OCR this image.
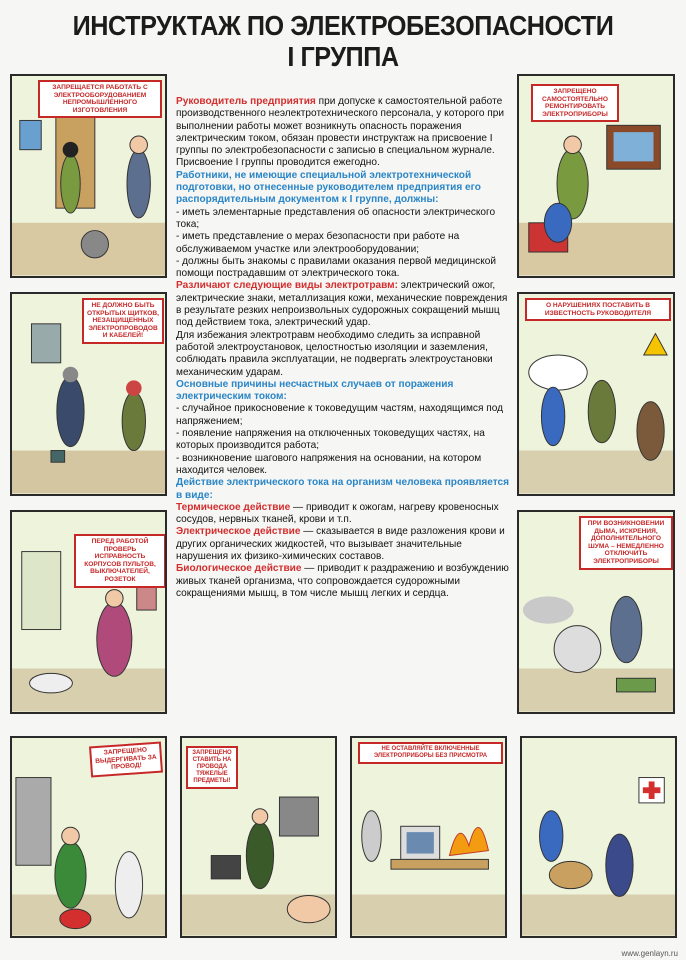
ИНСТРУКТАЖ ПО ЭЛЕКТРОБЕЗОПАСНОСТИ
I ГРУППА
ЗАПРЕЩАЕТСЯ РАБОТАТЬ С ЭЛЕКТРООБОРУДОВАНИЕМ НЕПРОМЫШЛЕННОГО ИЗГОТОВЛЕНИЯ
НЕ ДОЛЖНО БЫТЬ ОТКРЫТЫХ ЩИТКОВ, НЕЗАЩИЩЕННЫХ ЭЛЕКТРОПРОВОДОВ И КАБЕЛЕЙ!
ПЕРЕД РАБОТОЙ ПРОВЕРЬ ИСПРАВНОСТЬ КОРПУСОВ ПУЛЬТОВ, ВЫКЛЮЧАТЕЛЕЙ, РОЗЕТОК
ЗАПРЕЩЕНО САМОСТОЯТЕЛЬНО РЕМОНТИРОВАТЬ ЭЛЕКТРОПРИБОРЫ
О НАРУШЕНИЯХ ПОСТАВИТЬ В ИЗВЕСТНОСТЬ РУКОВОДИТЕЛЯ
ПРИ ВОЗНИКНОВЕНИИ ДЫМА, ИСКРЕНИЯ, ДОПОЛНИТЕЛЬНОГО ШУМА – НЕМЕДЛЕННО ОТКЛЮЧИТЬ ЭЛЕКТРОПРИБОРЫ
ЗАПРЕЩЕНО ВЫДЕРГИВАТЬ ЗА ПРОВОД!
ЗАПРЕЩЕНО СТАВИТЬ НА ПРОВОДА ТЯЖЕЛЫЕ ПРЕДМЕТЫ!
НЕ ОСТАВЛЯЙТЕ ВКЛЮЧЕННЫЕ ЭЛЕКТРОПРИБОРЫ БЕЗ ПРИСМОТРА

Руководитель предприятия при допуске к самостоятельной работе производственного неэлектротехнического персонала, у которого при выполнении работы может возникнуть опасность поражения электрическим током, обязан провести инструктаж на присвоение I группы по электробезопасности с записью в специальном журнале. Присвоение I группы проводится ежегодно.

Работники, не имеющие специальной электротехнической подготовки, но отнесенные руководителем предприятия его распорядительным документом к I группе, должны:

- иметь элементарные представления об опасности электрического тока;

- иметь представление о мерах безопасности при работе на обслуживаемом участке или электрооборудовании;

- должны быть знакомы с правилами оказания первой медицинской помощи пострадавшим от электрического тока.

Различают следующие виды электротравм: электрический ожог, электрические знаки, металлизация кожи, механические повреждения в результате резких непроизвольных судорожных сокращений мышц под действием тока, электрический удар.

Для избежания электротравм необходимо следить за исправной работой электроустановок, целостностью изоляции и заземления, соблюдать правила эксплуатации, не подвергать электроустановки механическим ударам.

Основные причины несчастных случаев от поражения электрическим током:

- случайное прикосновение к токоведущим частям, находящимся под напряжением;

- появление напряжения на отключенных токоведущих частях, на которых производится работа;

- возникновение шагового напряжения на основании, на котором находится человек.

Действие электрического тока на организм человека проявляется в виде:

Термическое действие — приводит к ожогам, нагреву кровеносных сосудов, нервных тканей, крови и т.п.

Электрическое действие — сказывается в виде разложения крови и других органических жидкостей, что вызывает значительные нарушения их физико-химических составов.

Биологическое действие — приводит к раздражению и возбуждению живых тканей организма, что сопровождается судорожными сокращениями мышц, в том числе мышц легких и сердца.

www.genlayn.ru
